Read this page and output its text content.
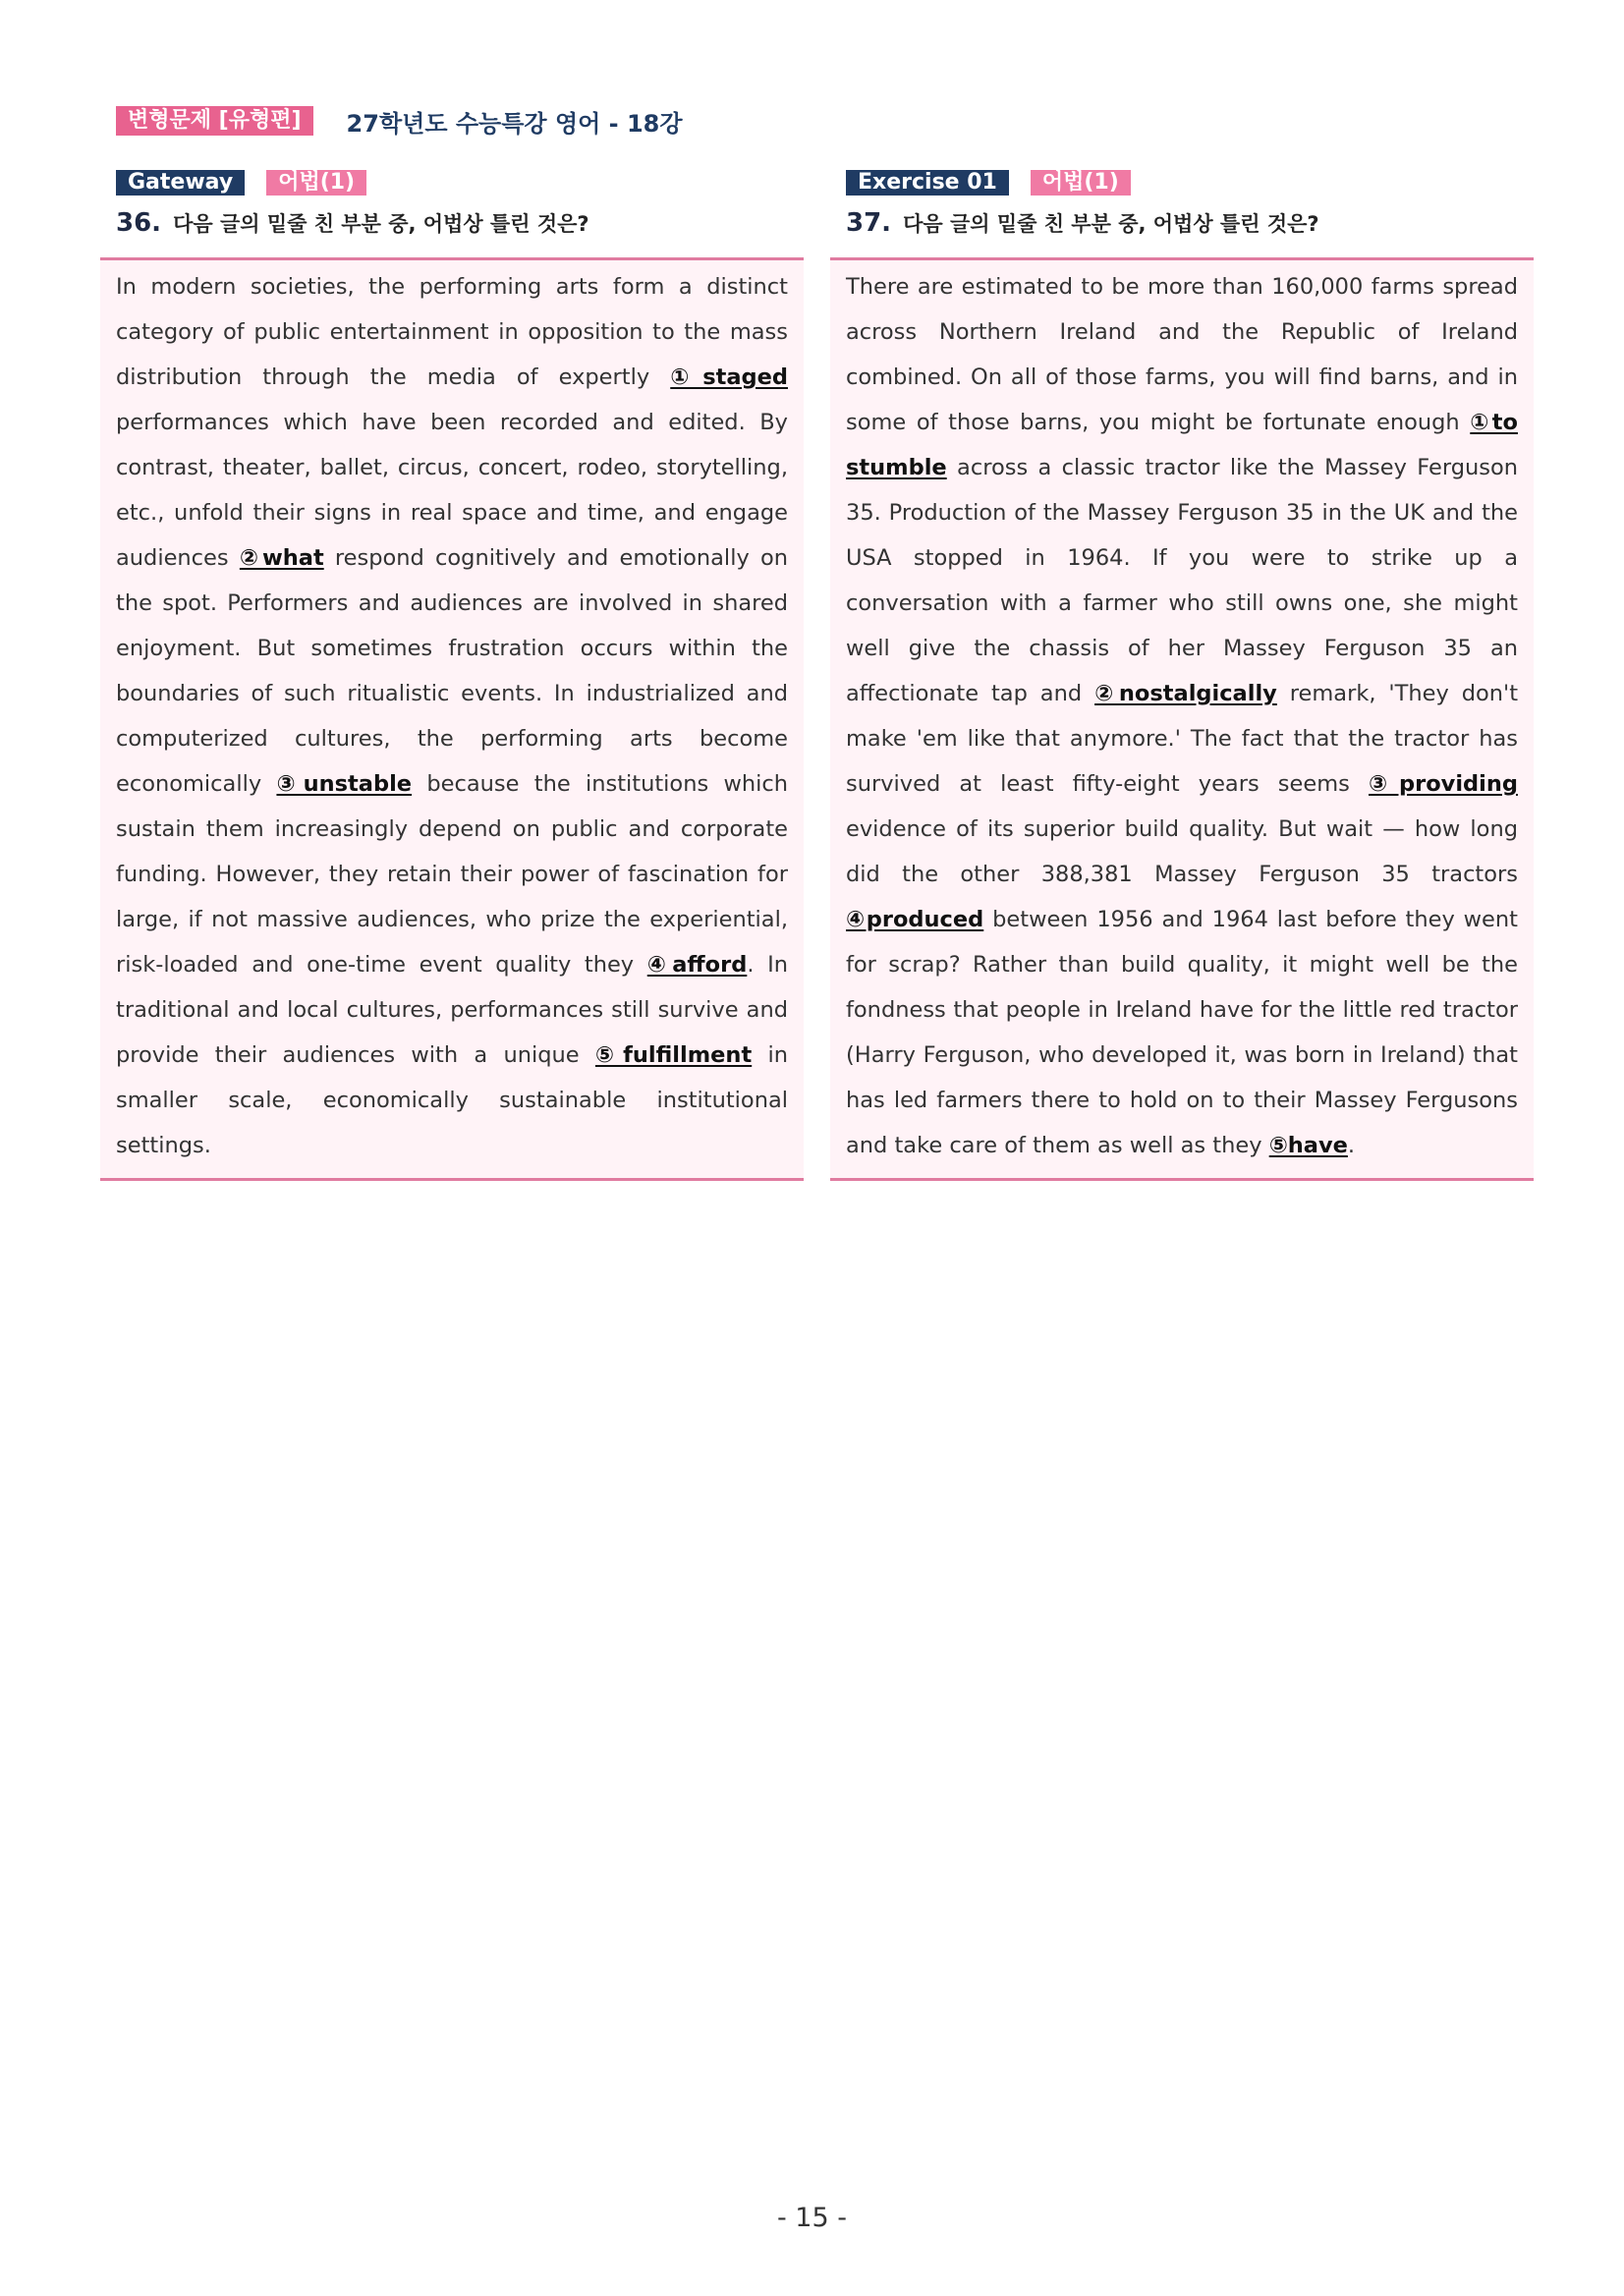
변형문제 [유형편]	27학년도 수능특강 영어 - 18강
Gateway	어법(1)
36. 다음 글의 밑줄 친 부분 중, 어법상 틀린 것은?

In modern societies, the performing arts form a distinct category of public entertainment in opposition to the mass distribution through the media of expertly ①staged performances which have been recorded and edited. By contrast, theater, ballet, circus, concert, rodeo, storytelling, etc., unfold their signs in real space and time, and engage audiences ②what respond cognitively and emotionally on the spot. Performers and audiences are involved in shared enjoyment. But sometimes frustration occurs within the boundaries of such ritualistic events. In industrialized and computerized cultures, the performing arts become economically ③unstable because the institutions which sustain them increasingly depend on public and corporate funding. However, they retain their power of fascination for large, if not massive audiences, who prize the experiential, risk-loaded and one-time event quality they ④afford. In traditional and local cultures, performances still survive and provide their audiences with a unique ⑤fulfillment in smaller scale, economically sustainable institutional settings.

Exercise 01	어법(1)
37. 다음 글의 밑줄 친 부분 중, 어법상 틀린 것은?

There are estimated to be more than 160,000 farms spread across Northern Ireland and the Republic of Ireland combined. On all of those farms, you will find barns, and in some of those barns, you might be fortunate enough ①to stumble across a classic tractor like the Massey Ferguson 35. Production of the Massey Ferguson 35 in the UK and the USA stopped in 1964. If you were to strike up a conversation with a farmer who still owns one, she might well give the chassis of her Massey Ferguson 35 an affectionate tap and ②nostalgically remark, 'They don't make 'em like that anymore.' The fact that the tractor has survived at least fifty-eight years seems ③providing evidence of its superior build quality. But wait — how long did the other 388,381 Massey Ferguson 35 tractors ④produced between 1956 and 1964 last before they went for scrap? Rather than build quality, it might well be the fondness that people in Ireland have for the little red tractor (Harry Ferguson, who developed it, was born in Ireland) that has led farmers there to hold on to their Massey Fergusons and take care of them as well as they ⑤have.

- 15 -
